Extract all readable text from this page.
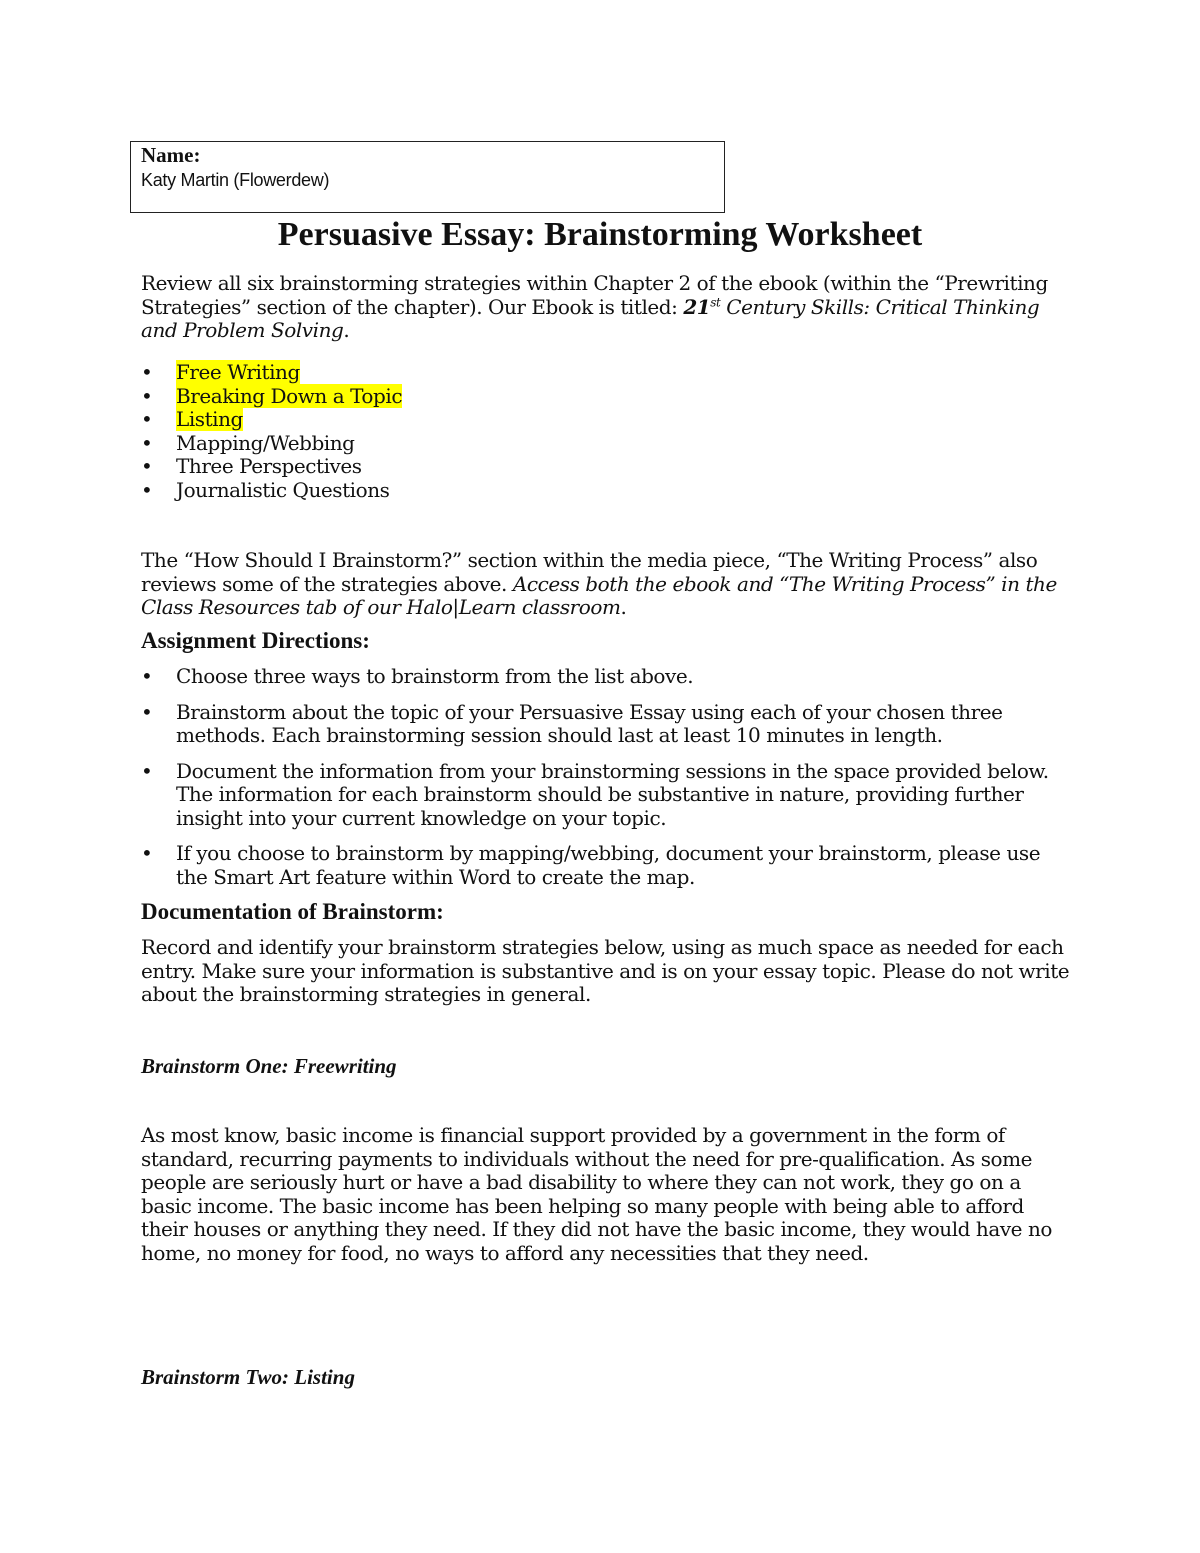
Name:
Katy Martin (Flowerdew)
Persuasive Essay: Brainstorming Worksheet
Review all six brainstorming strategies within Chapter 2 of the ebook (within the “Prewriting Strategies” section of the chapter). Our Ebook is titled: 21st Century Skills: Critical Thinking and Problem Solving.
• Free Writing
• Breaking Down a Topic
• Listing
• Mapping/Webbing
• Three Perspectives
• Journalistic Questions
The “How Should I Brainstorm?” section within the media piece, “The Writing Process” also reviews some of the strategies above. Access both the ebook and “The Writing Process” in the Class Resources tab of our Halo|Learn classroom.
Assignment Directions:
• Choose three ways to brainstorm from the list above.
• Brainstorm about the topic of your Persuasive Essay using each of your chosen three methods. Each brainstorming session should last at least 10 minutes in length.
• Document the information from your brainstorming sessions in the space provided below. The information for each brainstorm should be substantive in nature, providing further insight into your current knowledge on your topic.
• If you choose to brainstorm by mapping/webbing, document your brainstorm, please use the Smart Art feature within Word to create the map.
Documentation of Brainstorm:
Record and identify your brainstorm strategies below, using as much space as needed for each entry. Make sure your information is substantive and is on your essay topic. Please do not write about the brainstorming strategies in general.
Brainstorm One: Freewriting
As most know, basic income is financial support provided by a government in the form of standard, recurring payments to individuals without the need for pre-qualification. As some people are seriously hurt or have a bad disability to where they can not work, they go on a basic income. The basic income has been helping so many people with being able to afford their houses or anything they need. If they did not have the basic income, they would have no home, no money for food, no ways to afford any necessities that they need.
Brainstorm Two: Listing
